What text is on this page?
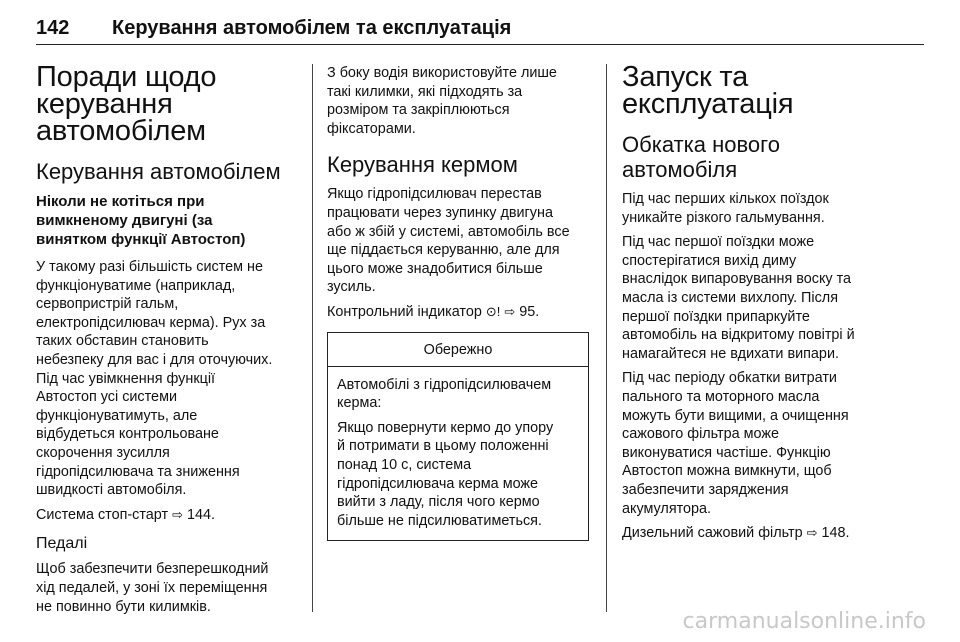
142	Керування автомобілем та експлуатація
Поради щодо
керування
автомобілем
Керування автомобілем
Ніколи не котіться при
вимкненому двигуні (за
винятком функції Автостоп)

У такому разі більшість систем не
функціонуватиме (наприклад,
сервопристрій гальм,
електропідсилювач керма). Рух за
таких обставин становить
небезпеку для вас і для оточуючих.
Під час увімкнення функції
Автостоп усі системи
функціонуватимуть, але
відбудеться контрольоване
скорочення зусилля
гідропідсилювача та зниження
швидкості автомобіля.

Система стоп-старт ⇨ 144.

Педалі

Щоб забезпечити безперешкодний
хід педалей, у зоні їх переміщення
не повинно бути килимків.

З боку водія використовуйте лише
такі килимки, які підходять за
розміром та закріплюються
фіксаторами.

Керування кермом

Якщо гідропідсилювач перестав
працювати через зупинку двигуна
або ж збій у системі, автомобіль все
ще піддається керуванню, але для
цього може знадобитися більше
зусиль.

Контрольний індикатор ⊙! ⇨ 95.

Обережно

Автомобілі з гідропідсилювачем
керма:

Якщо повернути кермо до упору
й потримати в цьому положенні
понад 10 с, система
гідропідсилювача керма може
вийти з ладу, після чого кермо
більше не підсилюватиметься.

Запуск та
експлуатація
Обкатка нового
автомобіля

Під час перших кількох поїздок
уникайте різкого гальмування.

Під час першої поїздки може
спостерігатися вихід диму
внаслідок випаровування воску та
масла із системи вихлопу. Після
першої поїздки припаркуйте
автомобіль на відкритому повітрі й
намагайтеся не вдихати випари.

Під час періоду обкатки витрати
пального та моторного масла
можуть бути вищими, а очищення
сажового фільтра може
виконуватися частіше. Функцію
Автостоп можна вимкнути, щоб
забезпечити заряджения
акумулятора.

Дизельний сажовий фільтр ⇨ 148.

carmanualsonline.info
